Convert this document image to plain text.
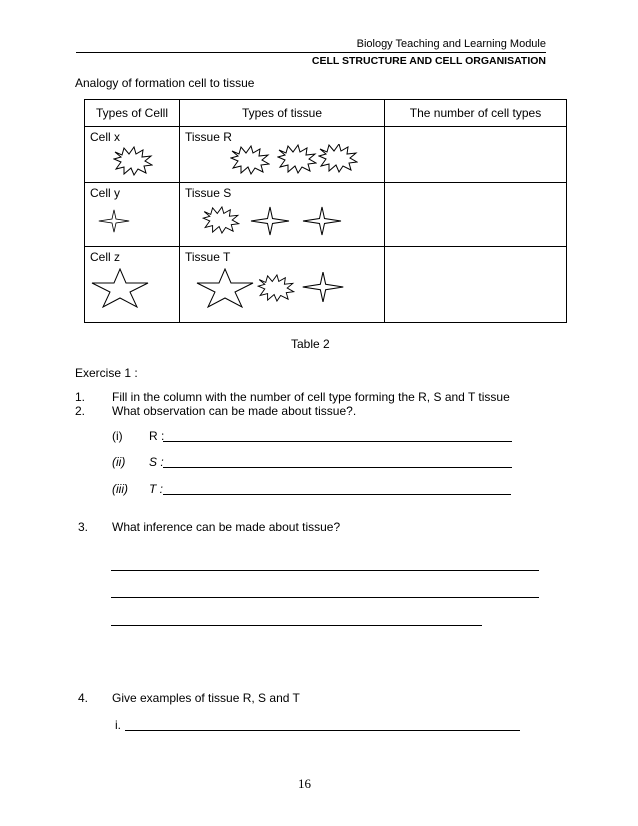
Biology Teaching and Learning Module
CELL STRUCTURE AND CELL ORGANISATION
Analogy of formation cell to tissue
Types of Celll	Types of tissue	The number of cell types

Cell x	Tissue R	

Cell y	Tissue S	

Cell z	Tissue T	

Table 2
Exercise 1 :
1. Fill in the column with the number of cell type forming the R, S and T tissue
2. What observation can be made about tissue?.
(i) R :
(ii) S :
(iii) T :
3. What inference can be made about tissue?
4. Give examples of tissue R, S and T
i.
16
